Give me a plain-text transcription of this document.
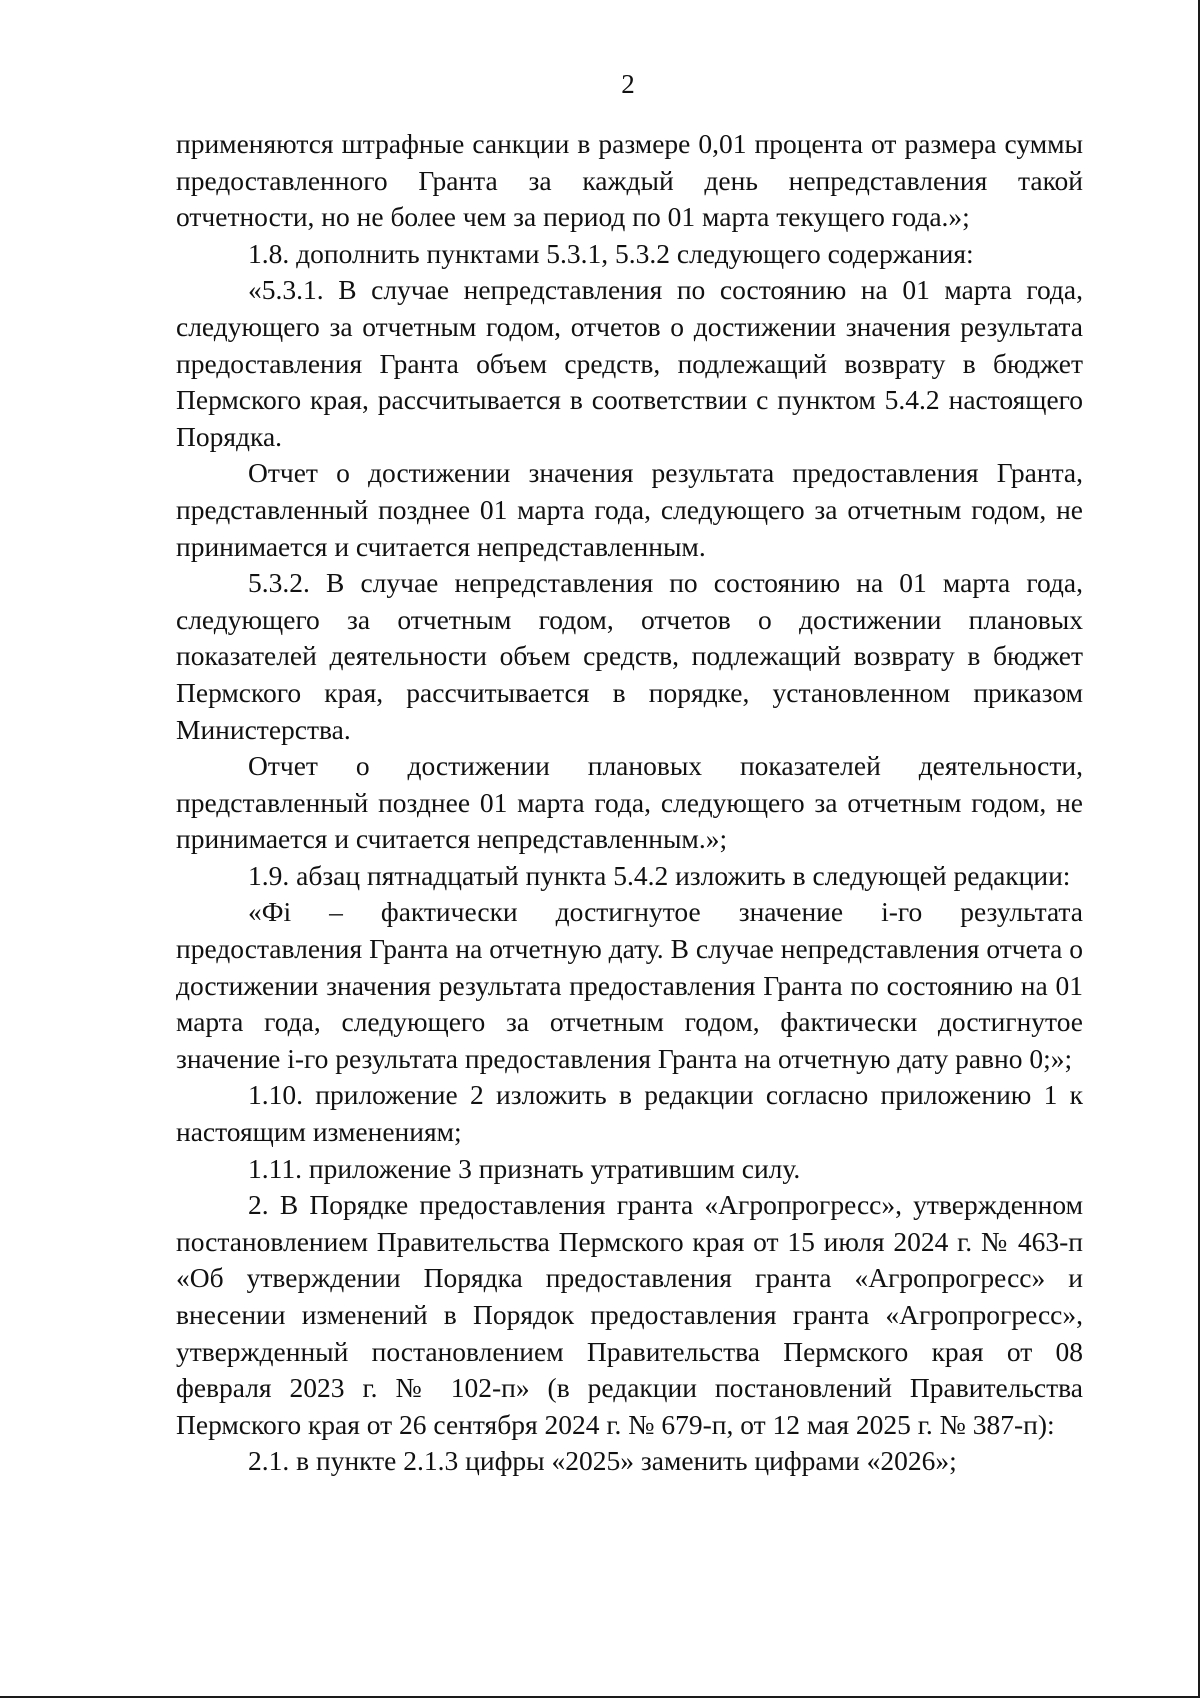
2

применяются штрафные санкции в размере 0,01 процента от размера суммы предоставленного Гранта за каждый день непредставления такой отчетности, но не более чем за период по 01 марта текущего года.»;

1.8. дополнить пунктами 5.3.1, 5.3.2 следующего содержания:

«5.3.1. В случае непредставления по состоянию на 01 марта года, следующего за отчетным годом, отчетов о достижении значения результата предоставления Гранта объем средств, подлежащий возврату в бюджет Пермского края, рассчитывается в соответствии с пунктом 5.4.2 настоящего Порядка.

Отчет о достижении значения результата предоставления Гранта, представленный позднее 01 марта года, следующего за отчетным годом, не принимается и считается непредставленным.

5.3.2. В случае непредставления по состоянию на 01 марта года, следующего за отчетным годом, отчетов о достижении плановых показателей деятельности объем средств, подлежащий возврату в бюджет Пермского края, рассчитывается в порядке, установленном приказом Министерства.

Отчет о достижении плановых показателей деятельности, представленный позднее 01 марта года, следующего за отчетным годом, не принимается и считается непредставленным.»;

1.9. абзац пятнадцатый пункта 5.4.2 изложить в следующей редакции:

«Фi – фактически достигнутое значение i-го результата предоставления Гранта на отчетную дату. В случае непредставления отчета о достижении значения результата предоставления Гранта по состоянию на 01 марта года, следующего за отчетным годом, фактически достигнутое значение i-го результата предоставления Гранта на отчетную дату равно 0;»;

1.10. приложение 2 изложить в редакции согласно приложению 1 к настоящим изменениям;

1.11. приложение 3 признать утратившим силу.

2. В Порядке предоставления гранта «Агропрогресс», утвержденном постановлением Правительства Пермского края от 15 июля 2024 г. № 463-п «Об утверждении Порядка предоставления гранта «Агропрогресс» и внесении изменений в Порядок предоставления гранта «Агропрогресс», утвержденный постановлением Правительства Пермского края от 08 февраля 2023 г. № 102-п» (в редакции постановлений Правительства Пермского края от 26 сентября 2024 г. № 679-п, от 12 мая 2025 г. № 387-п):

2.1. в пункте 2.1.3 цифры «2025» заменить цифрами «2026»;
